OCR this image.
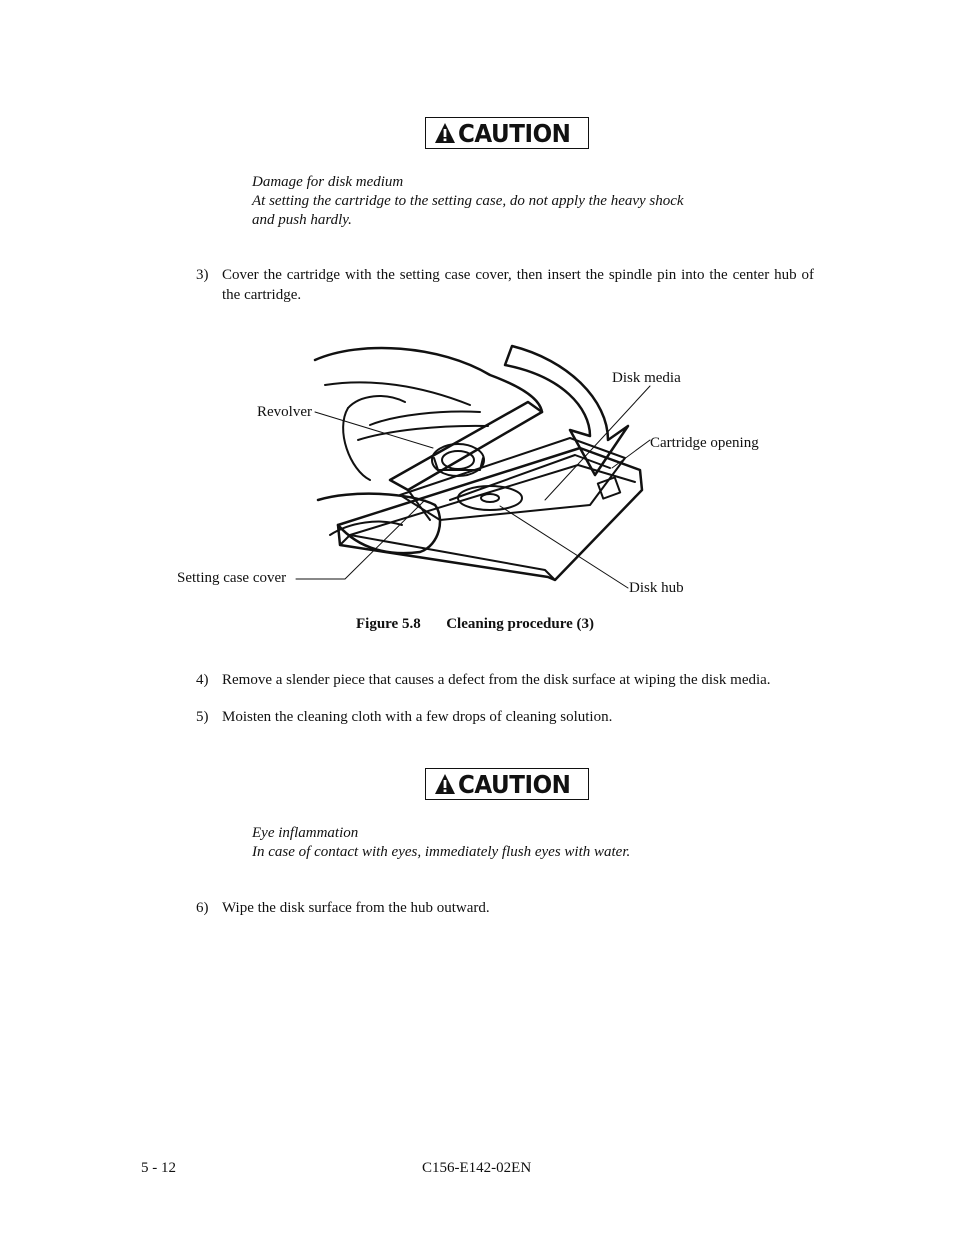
CAUTION
Damage for disk medium
At setting the cartridge to the setting case, do not apply the heavy shock
and push hardly.
3) Cover the cartridge with the setting case cover, then insert the spindle pin into the center hub of the cartridge.
Disk media
Revolver
Cartridge opening
Setting case cover
Disk hub
Figure 5.8 Cleaning procedure (3)
4) Remove a slender piece that causes a defect from the disk surface at wiping the disk media.
5) Moisten the cleaning cloth with a few drops of cleaning solution.
CAUTION
Eye inflammation
In case of contact with eyes, immediately flush eyes with water.
6) Wipe the disk surface from the hub outward.
5 - 12	C156-E142-02EN
